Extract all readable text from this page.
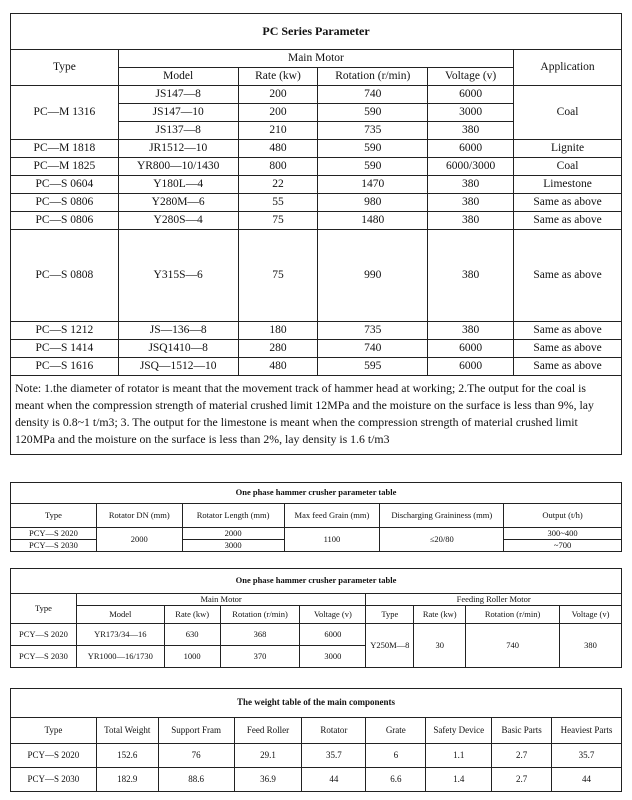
PC Series Parameter					
Type	Main Motor				Application
	Model	Rate (kw)	Rotation (r/min)	Voltage (v)	
PC—M 1316	JS147—8	200	740	6000	Coal
	JS147—10	200	590	3000	
	JS137—8	210	735	380	
PC—M 1818	JR1512—10	480	590	6000	Lignite
PC—M 1825	YR800—10/1430	800	590	6000/3000	Coal
PC—S 0604	Y180L—4	22	1470	380	Limestone
PC—S 0806	Y280M—6	55	980	380	Same as above
PC—S 0806	Y280S—4	75	1480	380	Same as above
PC—S 0808	Y315S—6	75	990	380	Same as above
PC—S 1212	JS—136—8	180	735	380	Same as above
PC—S 1414	JSQ1410—8	280	740	6000	Same as above
PC—S 1616	JSQ—1512—10	480	595	6000	Same as above
Note: 1.the diameter of rotator is meant that the movement track of hammer head at working; 2.The output for the coal is meant when the compression strength of material crushed limit 12MPa and the moisture on the surface is less than 9%, lay density is 0.8~1 t/m3; 3. The output for the limestone is meant when the compression strength of material crushed limit 120MPa and the moisture on the surface is less than 2%, lay density is 1.6 t/m3					
One phase hammer crusher parameter table					
Type	Rotator DN (mm)	Rotator Length (mm)	Max feed Grain (mm)	Discharging Graininess (mm)	Output (t/h)
PCY—S 2020	2000	2000	1100	≤20/80	300~400
PCY—S 2030		3000			~700
One phase hammer crusher parameter table								
Type	Main Motor				Feeding Roller Motor			
	Model	Rate (kw)	Rotation (r/min)	Voltage (v)	Type	Rate (kw)	Rotation (r/min)	Voltage (v)
PCY—S 2020	YR173/34—16	630	368	6000	Y250M—8	30	740	380
PCY—S 2030	YR1000—16/1730	1000	370	3000				
The weight table of the main components								
Type	Total Weight	Support Fram	Feed Roller	Rotator	Grate	Safety Device	Basic Parts	Heaviest Parts
PCY—S 2020	152.6	76	29.1	35.7	6	1.1	2.7	35.7
PCY—S 2030	182.9	88.6	36.9	44	6.6	1.4	2.7	44
